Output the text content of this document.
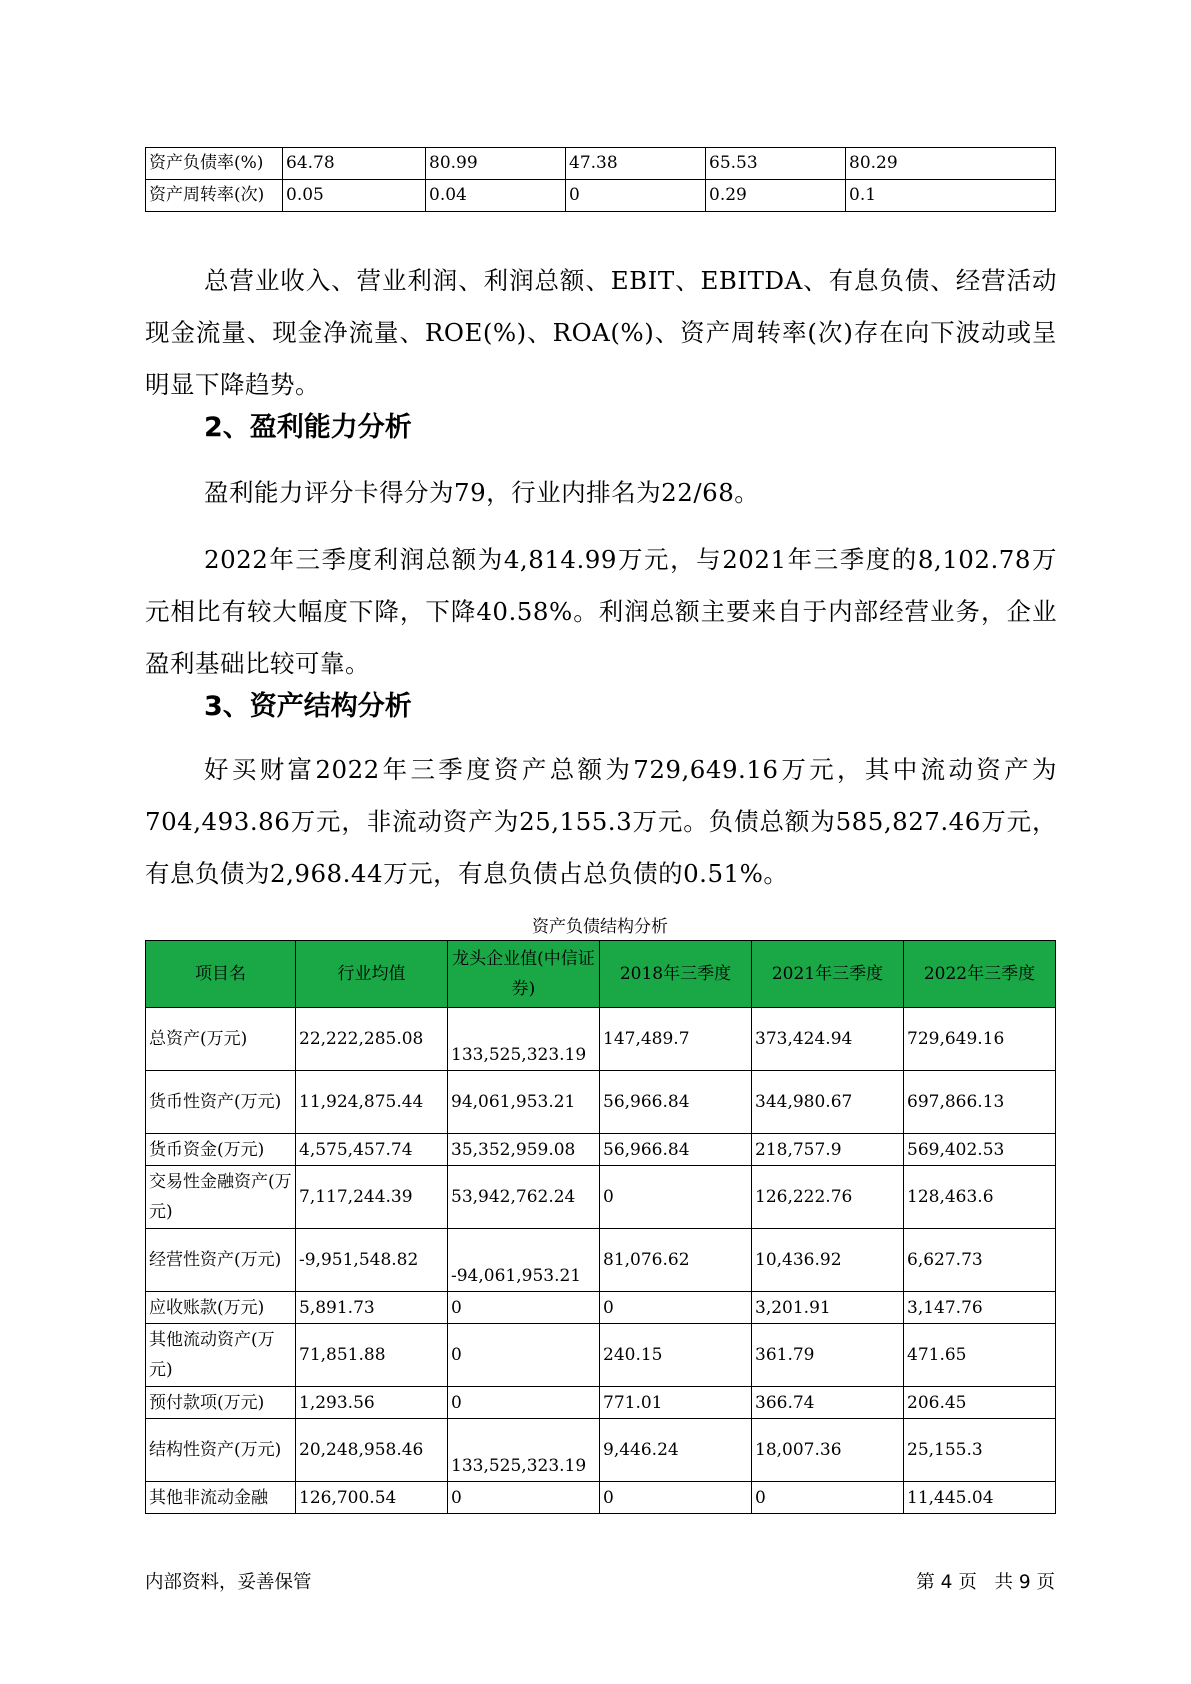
资产负债率(%)	64.78	80.99	47.38	65.53	80.29
资产周转率(次)	0.05	0.04	0	0.29	0.1

总营业收入、营业利润、利润总额、EBIT、EBITDA、有息负债、经营活动现金流量、现金净流量、ROE(%)、ROA(%)、资产周转率(次)存在向下波动或呈明显下降趋势。

2、盈利能力分析

盈利能力评分卡得分为79，行业内排名为22/68。

2022年三季度利润总额为4,814.99万元，与2021年三季度的8,102.78万元相比有较大幅度下降，下降40.58%。利润总额主要来自于内部经营业务，企业盈利基础比较可靠。

3、资产结构分析

好买财富2022年三季度资产总额为729,649.16万元，其中流动资产为704,493.86万元，非流动资产为25,155.3万元。负债总额为585,827.46万元，有息负债为2,968.44万元，有息负债占总负债的0.51%。

资产负债结构分析
项目名	行业均值	龙头企业值(中信证券)	2018年三季度	2021年三季度	2022年三季度
总资产(万元)	22,222,285.08	133,525,323.19	147,489.7	373,424.94	729,649.16
货币性资产(万元)	11,924,875.44	94,061,953.21	56,966.84	344,980.67	697,866.13
货币资金(万元)	4,575,457.74	35,352,959.08	56,966.84	218,757.9	569,402.53
交易性金融资产(万元)	7,117,244.39	53,942,762.24	0	126,222.76	128,463.6
经营性资产(万元)	-9,951,548.82	-94,061,953.21	81,076.62	10,436.92	6,627.73
应收账款(万元)	5,891.73	0	0	3,201.91	3,147.76
其他流动资产(万元)	71,851.88	0	240.15	361.79	471.65
预付款项(万元)	1,293.56	0	771.01	366.74	206.45
结构性资产(万元)	20,248,958.46	133,525,323.19	9,446.24	18,007.36	25,155.3
其他非流动金融	126,700.54	0	0	0	11,445.04
内部资料，妥善保管	第 4 页   共 9 页
